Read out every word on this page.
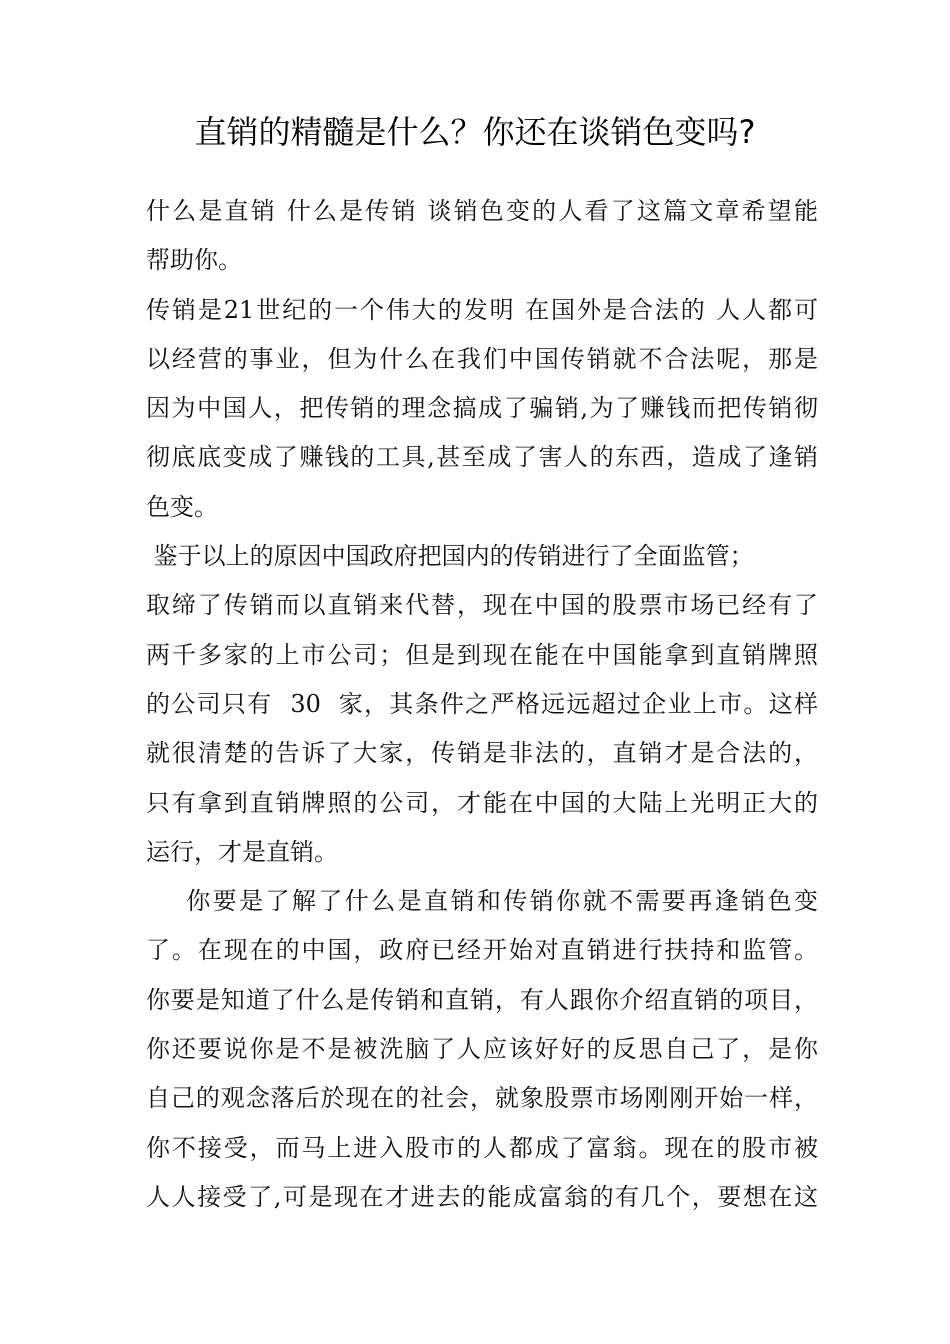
直销的精髓是什么？你还在谈销色变吗?
什么是直销 什么是传销 谈销色变的人看了这篇文章希望能
帮助你。
传销是21世纪的一个伟大的发明 在国外是合法的 人人都可
以经营的事业，但为什么在我们中国传销就不合法呢，那是
因为中国人，把传销的理念搞成了骗销,为了赚钱而把传销彻
彻底底变成了赚钱的工具,甚至成了害人的东西，造成了逢销
色变。
鉴于以上的原因中国政府把国内的传销进行了全面监管；
取缔了传销而以直销来代替，现在中国的股票市场已经有了
两千多家的上市公司；但是到现在能在中国能拿到直销牌照
的公司只有  30  家，其条件之严格远远超过企业上市。这样
就很清楚的告诉了大家，传销是非法的，直销才是合法的，
只有拿到直销牌照的公司，才能在中国的大陆上光明正大的
运行，才是直销。
你要是了解了什么是直销和传销你就不需要再逢销色变
了。在现在的中国，政府已经开始对直销进行扶持和监管。
你要是知道了什么是传销和直销，有人跟你介绍直销的项目，
你还要说你是不是被洗脑了人应该好好的反思自己了，是你
自己的观念落后於现在的社会，就象股票市场刚刚开始一样，
你不接受，而马上进入股市的人都成了富翁。现在的股市被
人人接受了,可是现在才进去的能成富翁的有几个，要想在这
